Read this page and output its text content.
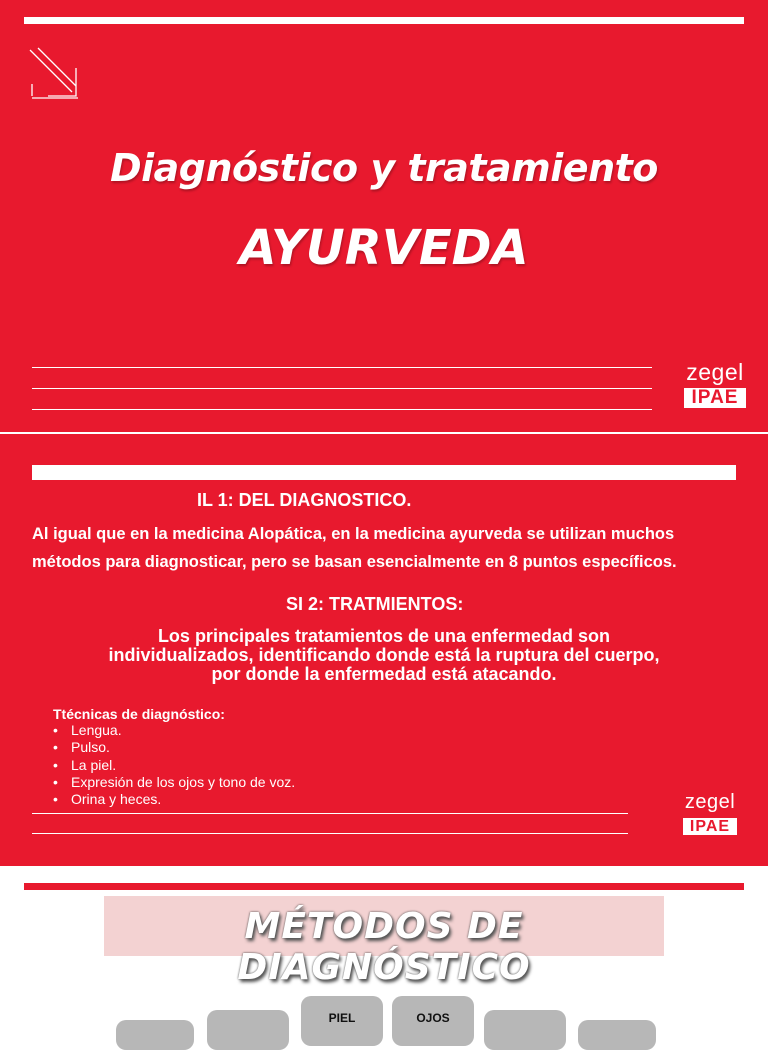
Diagnóstico y tratamiento
AYURVEDA
zegel
IPAE
IL 1: DEL DIAGNOSTICO.
Al igual que en la medicina Alopática, en la medicina ayurveda se utilizan muchos
métodos para diagnosticar, pero se basan esencialmente en 8 puntos específicos.
SI 2: TRATMIENTOS:
Los principales tratamientos de una enfermedad son
individualizados, identificando donde está la ruptura del cuerpo,
por donde la enfermedad está atacando.
Ttécnicas de diagnóstico:
• Lengua.
• Pulso.
• La piel.
• Expresión de los ojos y tono de voz.
• Orina y heces.	zegel
IPAE
MÉTODOS DE DIAGNÓSTICO
PIEL	OJOS
